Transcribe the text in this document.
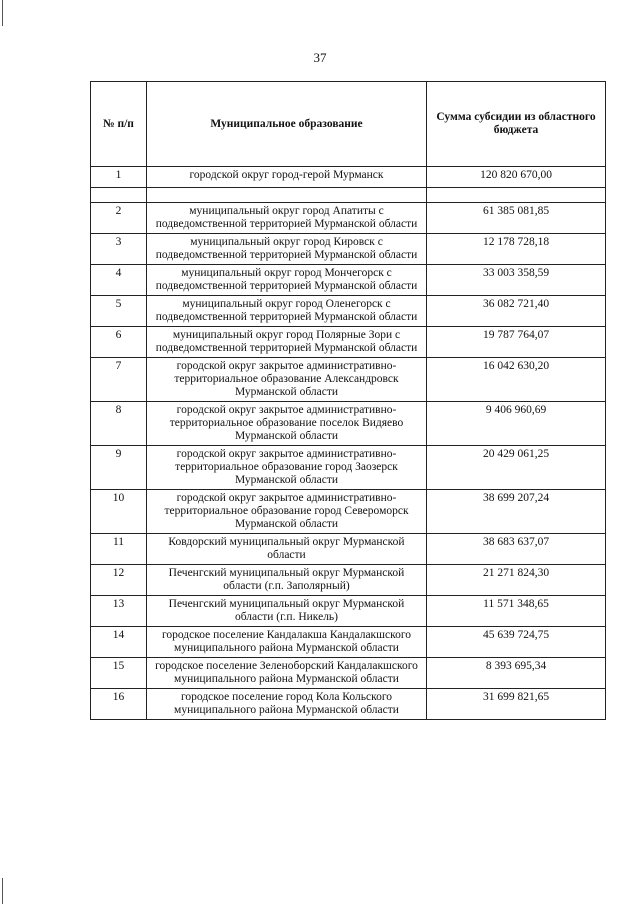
37
№ п/п	Муниципальное образование	Сумма субсидии из областного бюджета
1	городской округ город-герой Мурманск	120 820 670,00

2	муниципальный округ город Апатиты с подведомственной территорией Мурманской области	61 385 081,85
3	муниципальный округ город Кировск с подведомственной территорией Мурманской области	12 178 728,18
4	муниципальный округ город Мончегорск с подведомственной территорией Мурманской области	33 003 358,59
5	муниципальный округ город Оленегорск с подведомственной территорией Мурманской области	36 082 721,40
6	муниципальный округ город Полярные Зори с подведомственной территорией Мурманской области	19 787 764,07
7	городской округ закрытое административно-территориальное образование Александровск Мурманской области	16 042 630,20
8	городской округ закрытое административно-территориальное образование поселок Видяево Мурманской области	9 406 960,69
9	городской округ закрытое административно-территориальное образование город Заозерск Мурманской области	20 429 061,25
10	городской округ закрытое административно-территориальное образование город Североморск Мурманской области	38 699 207,24
11	Ковдорский муниципальный округ Мурманской области	38 683 637,07
12	Печенгский муниципальный округ Мурманской области (г.п. Заполярный)	21 271 824,30
13	Печенгский муниципальный округ Мурманской области (г.п. Никель)	11 571 348,65
14	городское поселение Кандалакша Кандалакшского муниципального района Мурманской области	45 639 724,75
15	городское поселение Зеленоборский Кандалакшского муниципального района Мурманской области	8 393 695,34
16	городское поселение город Кола Кольского муниципального района Мурманской области	31 699 821,65
